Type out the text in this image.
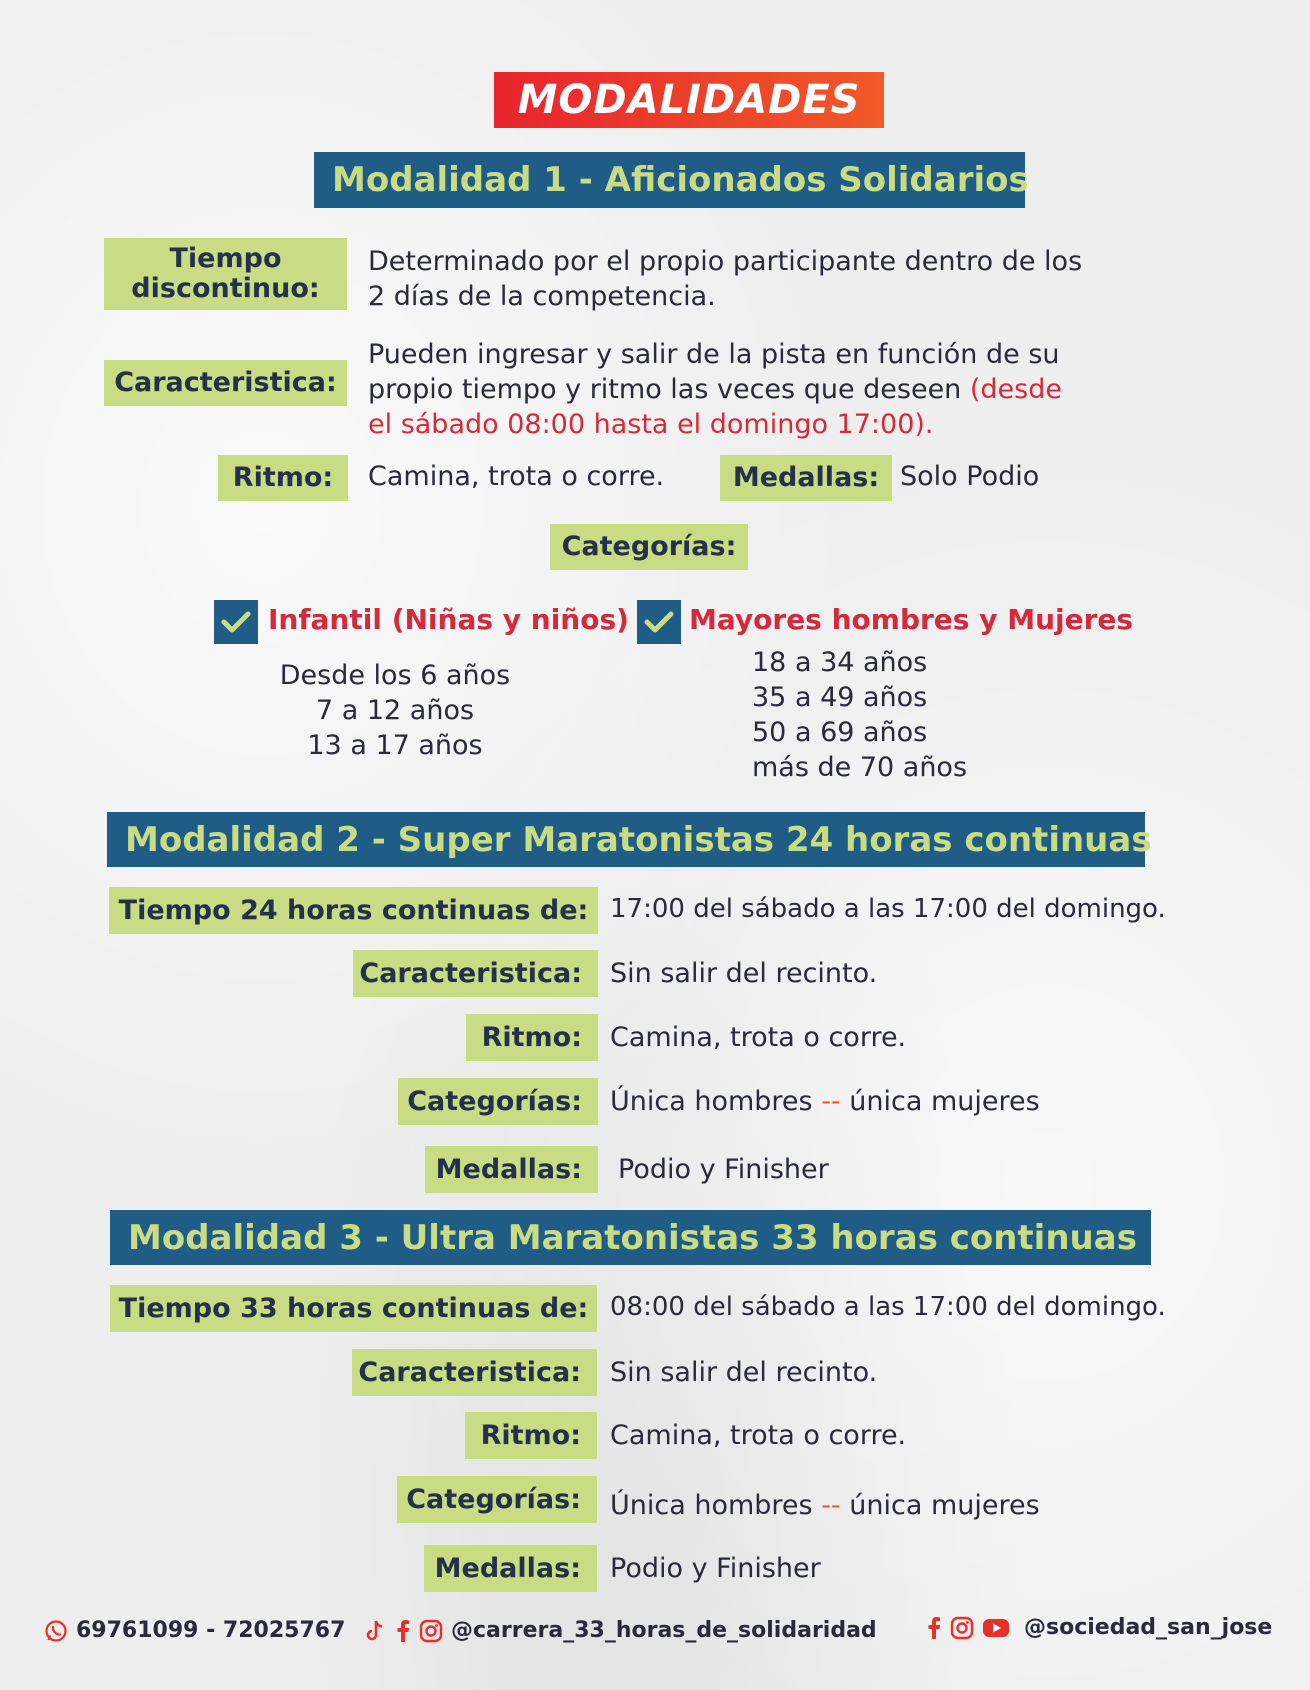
MODALIDADES
Modalidad 1 - Aficionados Solidarios
Tiempo discontinuo:
Determinado por el propio participante dentro de los
2 días de la competencia.
Caracteristica:
Pueden ingresar y salir de la pista en función de su
propio tiempo y ritmo las veces que deseen (desde
el sábado 08:00 hasta el domingo 17:00).
Ritmo: Camina, trota o corre.	Medallas: Solo Podio
Categorías:
Infantil (Niñas y niños)
Desde los 6 años
7 a 12 años
13 a 17 años
Mayores hombres y Mujeres
18 a 34 años
35 a 49 años
50 a 69 años
más de 70 años
Modalidad 2 - Super Maratonistas 24 horas continuas
Tiempo 24 horas continuas de: 17:00 del sábado a las 17:00 del domingo.
Caracteristica: Sin salir del recinto.
Ritmo: Camina, trota o corre.
Categorías: Única hombres -- única mujeres
Medallas: Podio y Finisher
Modalidad 3 - Ultra Maratonistas 33 horas continuas
Tiempo 33 horas continuas de: 08:00 del sábado a las 17:00 del domingo.
Caracteristica: Sin salir del recinto.
Ritmo: Camina, trota o corre.
Categorías: Única hombres -- única mujeres
Medallas: Podio y Finisher
69761099 - 72025767	@carrera_33_horas_de_solidaridad	@sociedad_san_jose
